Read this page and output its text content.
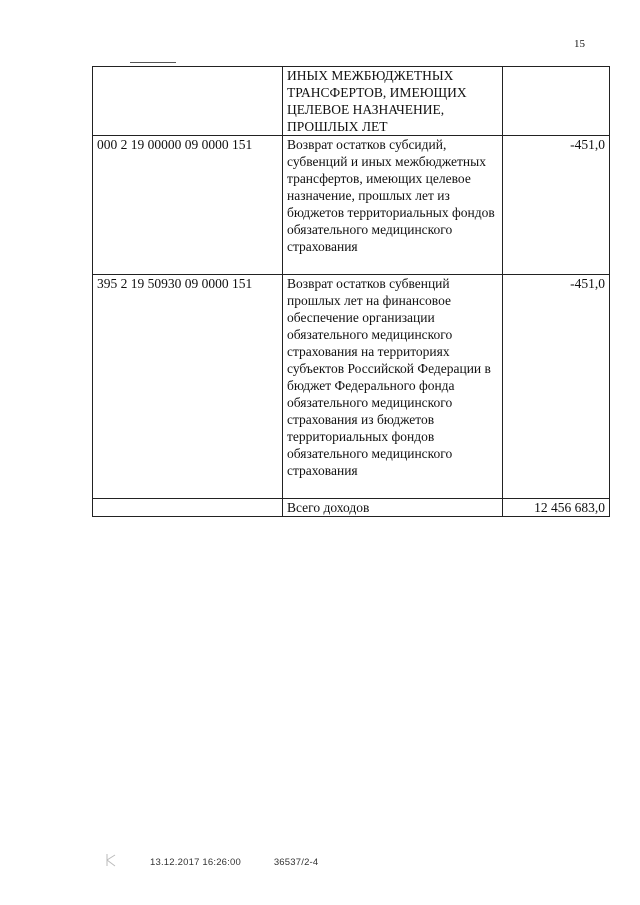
15
	ИНЫХ МЕЖБЮДЖЕТНЫХ ТРАНСФЕРТОВ, ИМЕЮЩИХ ЦЕЛЕВОЕ НАЗНАЧЕНИЕ, ПРОШЛЫХ ЛЕТ	
000 2 19 00000 09 0000 151	Возврат остатков субсидий, субвенций и иных межбюджетных трансфертов, имеющих целевое назначение, прошлых лет из бюджетов территориальных фондов обязательного медицинского страхования	-451,0
395 2 19 50930 09 0000 151	Возврат остатков субвенций прошлых лет на финансовое обеспечение организации обязательного медицинского страхования на территориях субъектов Российской Федерации в бюджет Федерального фонда обязательного медицинского страхования из бюджетов территориальных фондов обязательного медицинского страхования	-451,0
	Всего доходов	12 456 683,0
13.12.2017 16:26:00	36537/2-4
